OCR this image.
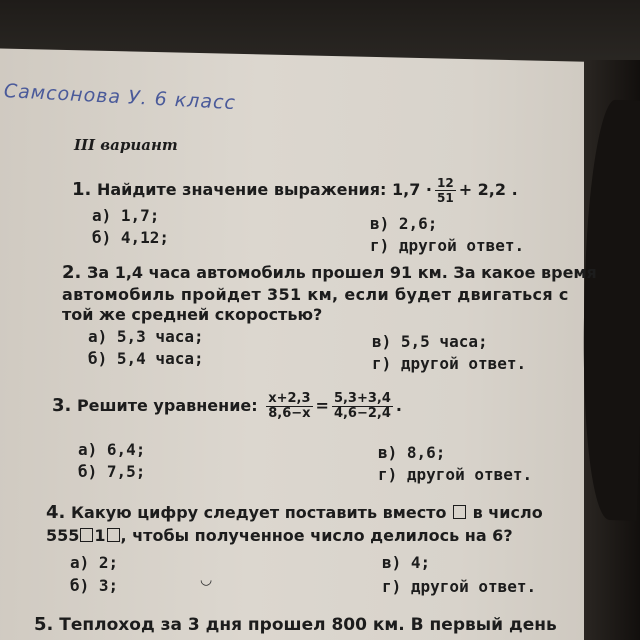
Самсонова У. 6 класс
III вариант
1. Найдите значение выражения: $1,7 \cdot \frac{12}{51} + 2,2$ .
а) 1,7;
б) 4,12;
в) 2,6;
г) другой ответ.
2. За 1,4 часа автомобиль прошел 91 км. За какое время
автомобиль пройдет 351 км, если будет двигаться с
той же средней скоростью?
а) 5,3 часа;
б) 5,4 часа;
в) 5,5 часа;
г) другой ответ.
3. Решите уравнение: $\frac{x+2,3}{8,6-x} = \frac{5,3+3,4}{4,6-2,4}$ .
а) 6,4;
б) 7,5;
в) 8,6;
г) другой ответ.
4. Какую цифру следует поставить вместо в число
555 1 , чтобы полученное число делилось на 6?
а) 2;
б) 3;
в) 4;
г) другой ответ.
◡
5. Теплоход за 3 дня прошел 800 км. В первый день
